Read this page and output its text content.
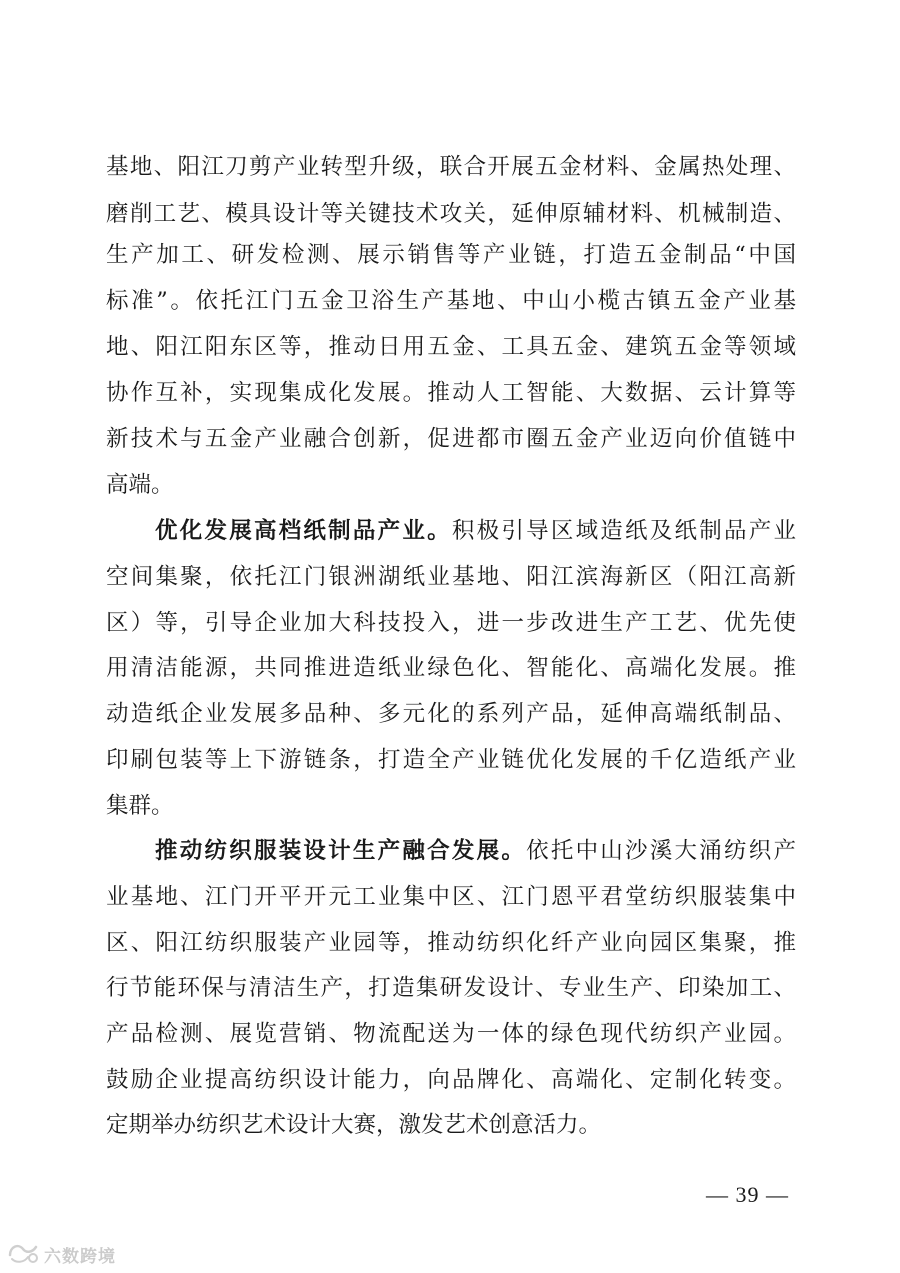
基地、阳江刀剪产业转型升级，联合开展五金材料、金属热处理、
磨削工艺、模具设计等关键技术攻关，延伸原辅材料、机械制造、
生产加工、研发检测、展示销售等产业链，打造五金制品“中国
标准”。依托江门五金卫浴生产基地、中山小榄古镇五金产业基
地、阳江阳东区等，推动日用五金、工具五金、建筑五金等领域
协作互补，实现集成化发展。推动人工智能、大数据、云计算等
新技术与五金产业融合创新，促进都市圈五金产业迈向价值链中
高端。
优化发展高档纸制品产业。积极引导区域造纸及纸制品产业
空间集聚，依托江门银洲湖纸业基地、阳江滨海新区（阳江高新
区）等，引导企业加大科技投入，进一步改进生产工艺、优先使
用清洁能源，共同推进造纸业绿色化、智能化、高端化发展。推
动造纸企业发展多品种、多元化的系列产品，延伸高端纸制品、
印刷包装等上下游链条，打造全产业链优化发展的千亿造纸产业
集群。
推动纺织服装设计生产融合发展。依托中山沙溪大涌纺织产
业基地、江门开平开元工业集中区、江门恩平君堂纺织服装集中
区、阳江纺织服装产业园等，推动纺织化纤产业向园区集聚，推
行节能环保与清洁生产，打造集研发设计、专业生产、印染加工、
产品检测、展览营销、物流配送为一体的绿色现代纺织产业园。
鼓励企业提高纺织设计能力，向品牌化、高端化、定制化转变。
定期举办纺织艺术设计大赛，激发艺术创意活力。
— 39 —
六数跨境
